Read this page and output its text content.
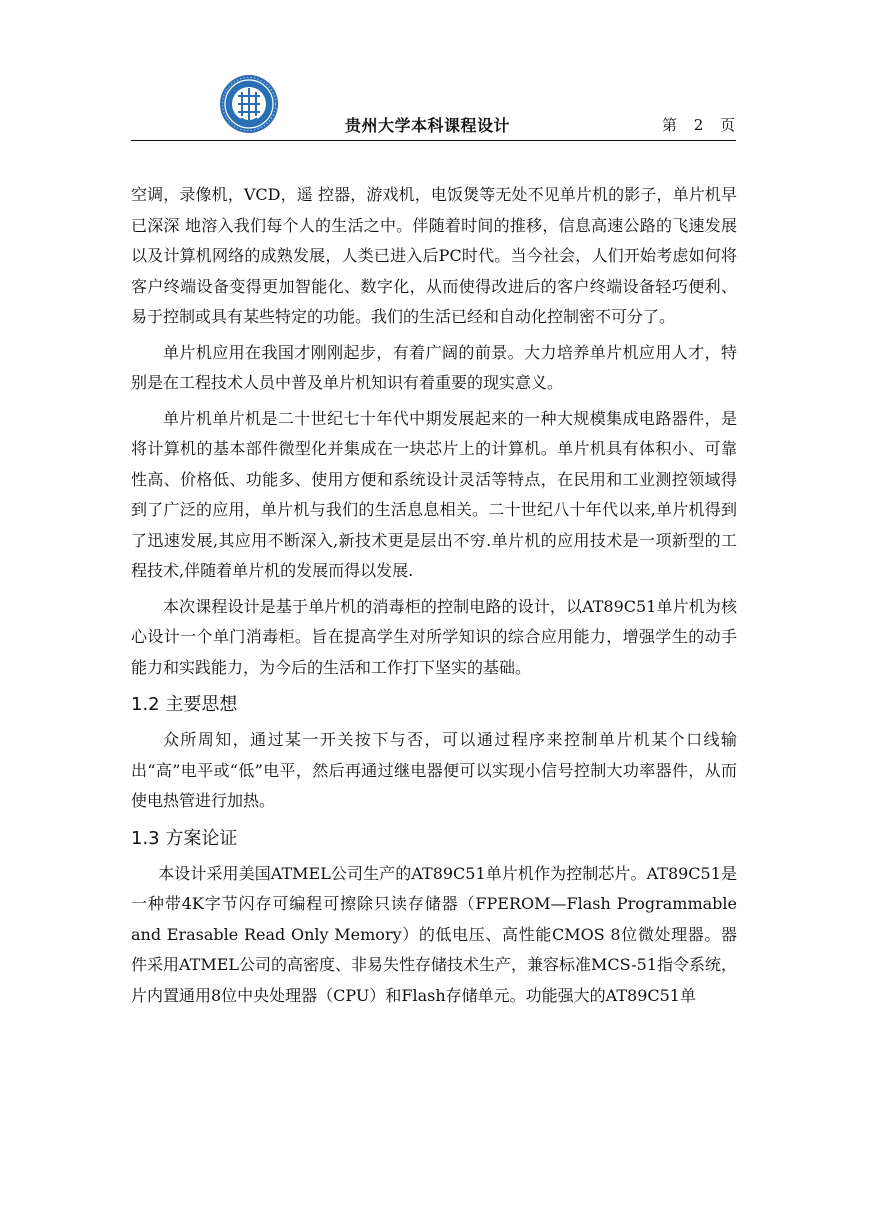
贵州大学本科课程设计	第 2 页

空调，录像机，VCD，遥 控器，游戏机，电饭煲等无处不见单片机的影子，单片机早已深深 地溶入我们每个人的生活之中。伴随着时间的推移，信息高速公路的飞速发展以及计算机网络的成熟发展，人类已进入后PC时代。当今社会，人们开始考虑如何将客户终端设备变得更加智能化、数字化，从而使得改进后的客户终端设备轻巧便利、易于控制或具有某些特定的功能。我们的生活已经和自动化控制密不可分了。

单片机应用在我国才刚刚起步，有着广阔的前景。大力培养单片机应用人才，特别是在工程技术人员中普及单片机知识有着重要的现实意义。

单片机单片机是二十世纪七十年代中期发展起来的一种大规模集成电路器件，是将计算机的基本部件微型化并集成在一块芯片上的计算机。单片机具有体积小、可靠性高、价格低、功能多、使用方便和系统设计灵活等特点，在民用和工业测控领域得到了广泛的应用，单片机与我们的生活息息相关。二十世纪八十年代以来,单片机得到了迅速发展,其应用不断深入,新技术更是层出不穷.单片机的应用技术是一项新型的工程技术,伴随着单片机的发展而得以发展.

本次课程设计是基于单片机的消毒柜的控制电路的设计，以AT89C51单片机为核心设计一个单门消毒柜。旨在提高学生对所学知识的综合应用能力，增强学生的动手能力和实践能力，为今后的生活和工作打下坚实的基础。

1.2 主要思想

众所周知，通过某一开关按下与否，可以通过程序来控制单片机某个口线输出“高”电平或“低”电平，然后再通过继电器便可以实现小信号控制大功率器件，从而使电热管进行加热。

1.3 方案论证

本设计采用美国ATMEL公司生产的AT89C51单片机作为控制芯片。AT89C51是一种带4K字节闪存可编程可擦除只读存储器（FPEROM—Flash Programmable and Erasable Read Only Memory）的低电压、高性能CMOS 8位微处理器。器件采用ATMEL公司的高密度、非易失性存储技术生产，兼容标准MCS-51指令系统，片内置通用8位中央处理器（CPU）和Flash存储单元。功能强大的AT89C51单
